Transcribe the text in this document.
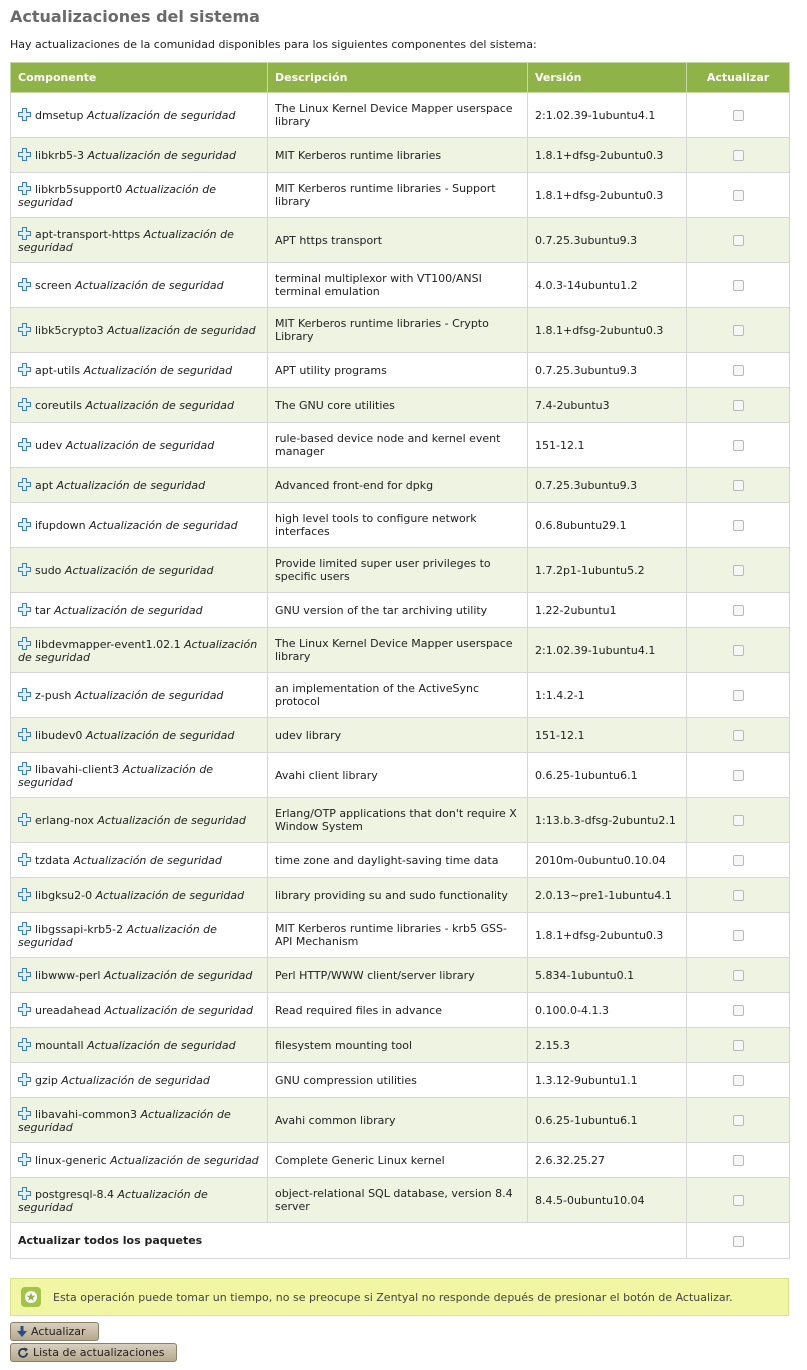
Actualizaciones del sistema
Hay actualizaciones de la comunidad disponibles para los siguientes componentes del sistema:
Componente	Descripción	Versión	Actualizar
dmsetup Actualización de seguridad	The Linux Kernel Device Mapper userspace library	2:1.02.39-1ubuntu4.1	
libkrb5-3 Actualización de seguridad	MIT Kerberos runtime libraries	1.8.1+dfsg-2ubuntu0.3	
libkrb5support0 Actualización de seguridad	MIT Kerberos runtime libraries - Support library	1.8.1+dfsg-2ubuntu0.3	
apt-transport-https Actualización de seguridad	APT https transport	0.7.25.3ubuntu9.3	
screen Actualización de seguridad	terminal multiplexor with VT100/ANSI terminal emulation	4.0.3-14ubuntu1.2	
libk5crypto3 Actualización de seguridad	MIT Kerberos runtime libraries - Crypto Library	1.8.1+dfsg-2ubuntu0.3	
apt-utils Actualización de seguridad	APT utility programs	0.7.25.3ubuntu9.3	
coreutils Actualización de seguridad	The GNU core utilities	7.4-2ubuntu3	
udev Actualización de seguridad	rule-based device node and kernel event manager	151-12.1	
apt Actualización de seguridad	Advanced front-end for dpkg	0.7.25.3ubuntu9.3	
ifupdown Actualización de seguridad	high level tools to configure network interfaces	0.6.8ubuntu29.1	
sudo Actualización de seguridad	Provide limited super user privileges to specific users	1.7.2p1-1ubuntu5.2	
tar Actualización de seguridad	GNU version of the tar archiving utility	1.22-2ubuntu1	
libdevmapper-event1.02.1 Actualización de seguridad	The Linux Kernel Device Mapper userspace library	2:1.02.39-1ubuntu4.1	
z-push Actualización de seguridad	an implementation of the ActiveSync protocol	1:1.4.2-1	
libudev0 Actualización de seguridad	udev library	151-12.1	
libavahi-client3 Actualización de seguridad	Avahi client library	0.6.25-1ubuntu6.1	
erlang-nox Actualización de seguridad	Erlang/OTP applications that don't require X Window System	1:13.b.3-dfsg-2ubuntu2.1	
tzdata Actualización de seguridad	time zone and daylight-saving time data	2010m-0ubuntu0.10.04	
libgksu2-0 Actualización de seguridad	library providing su and sudo functionality	2.0.13~pre1-1ubuntu4.1	
libgssapi-krb5-2 Actualización de seguridad	MIT Kerberos runtime libraries - krb5 GSS-API Mechanism	1.8.1+dfsg-2ubuntu0.3	
libwww-perl Actualización de seguridad	Perl HTTP/WWW client/server library	5.834-1ubuntu0.1	
ureadahead Actualización de seguridad	Read required files in advance	0.100.0-4.1.3	
mountall Actualización de seguridad	filesystem mounting tool	2.15.3	
gzip Actualización de seguridad	GNU compression utilities	1.3.12-9ubuntu1.1	
libavahi-common3 Actualización de seguridad	Avahi common library	0.6.25-1ubuntu6.1	
linux-generic Actualización de seguridad	Complete Generic Linux kernel	2.6.32.25.27	
postgresql-8.4 Actualización de seguridad	object-relational SQL database, version 8.4 server	8.4.5-0ubuntu10.04	
Actualizar todos los paquetes			
Esta operación puede tomar un tiempo, no se preocupe si Zentyal no responde depués de presionar el botón de Actualizar.
Actualizar
Lista de actualizaciones
